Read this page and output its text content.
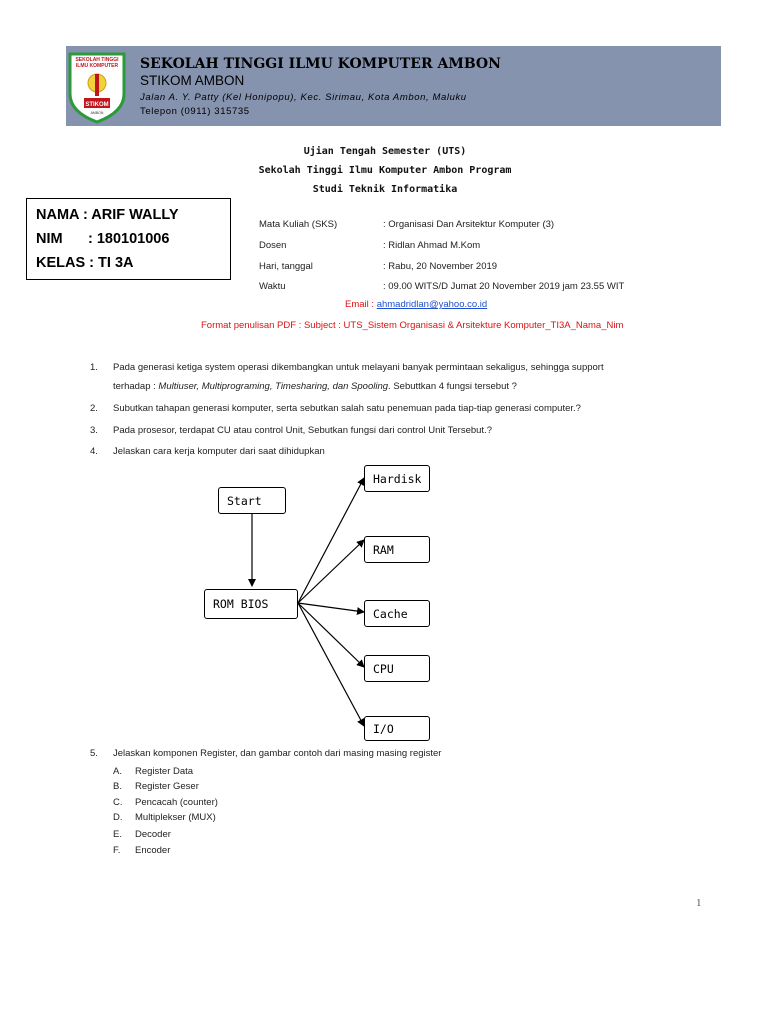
SEKOLAH TINGGI
ILMU KOMPUTER
STIKOM
AMBON
SEKOLAH TINGGI ILMU KOMPUTER AMBON
STIKOM AMBON
Jalan A. Y. Patty (Kel Honipopu), Kec. Sirimau, Kota Ambon, Maluku
Telepon (0911) 315735
Ujian Tengah Semester (UTS)
Sekolah Tinggi Ilmu Komputer Ambon Program
Studi Teknik Informatika
NAMA : ARIF WALLY
NIM : 180101006
KELAS : TI 3A
Mata Kuliah (SKS)	: Organisasi Dan Arsitektur Komputer (3)
Dosen	: Ridlan Ahmad M.Kom
Hari, tanggal	: Rabu, 20 November 2019
Waktu	: 09.00 WITS/D Jumat 20 November 2019 jam 23.55 WIT
Email : ahmadridlan@yahoo.co.id
Format penulisan PDF : Subject : UTS_Sistem Organisasi & Arsitekture Komputer_TI3A_Nama_Nim
1. Pada generasi ketiga system operasi dikembangkan untuk melayani banyak permintaan sekaligus, sehingga support
terhadap : Multiuser, Multiprograming, Timesharing, dan Spooling. Sebuttkan 4 fungsi tersebut ?
2. Subutkan tahapan generasi komputer, serta sebutkan salah satu penemuan pada tiap-tiap generasi computer.?
3. Pada prosesor, terdapat CU atau control Unit, Sebutkan fungsi dari control Unit Tersebut.?
4. Jelaskan cara kerja komputer dari saat dihidupkan
Start
ROM BIOS
Hardisk
RAM
Cache
CPU
I/O
5. Jelaskan komponen Register, dan gambar contoh dari masing masing register
A. Register Data
B. Register Geser
C. Pencacah (counter)
D. Multiplekser (MUX)
E. Decoder
F. Encoder
1
